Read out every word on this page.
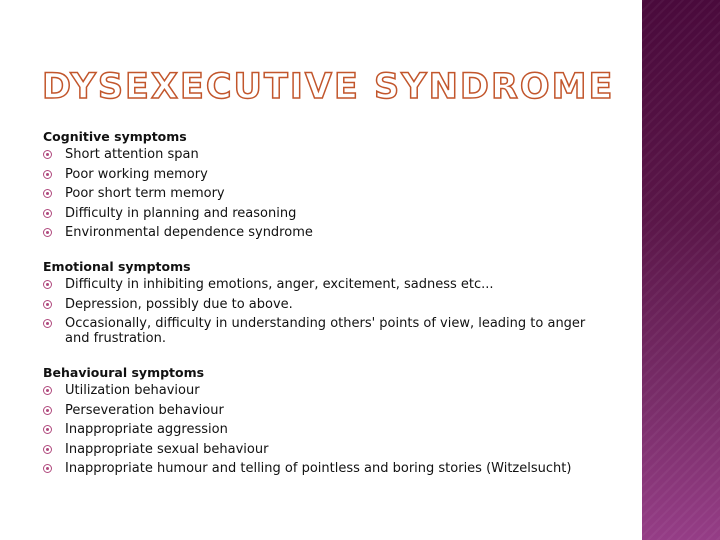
DYSEXECUTIVE SYNDROME
Cognitive symptoms
Short attention span
Poor working memory
Poor short term memory
Difficulty in planning and reasoning
Environmental dependence syndrome
Emotional symptoms
Difficulty in inhibiting emotions, anger, excitement, sadness etc...
Depression, possibly due to above.
Occasionally, difficulty in understanding others' points of view, leading to anger and frustration.
Behavioural symptoms
Utilization behaviour
Perseveration behaviour
Inappropriate aggression
Inappropriate sexual behaviour
Inappropriate humour and telling of pointless and boring stories (Witzelsucht)
